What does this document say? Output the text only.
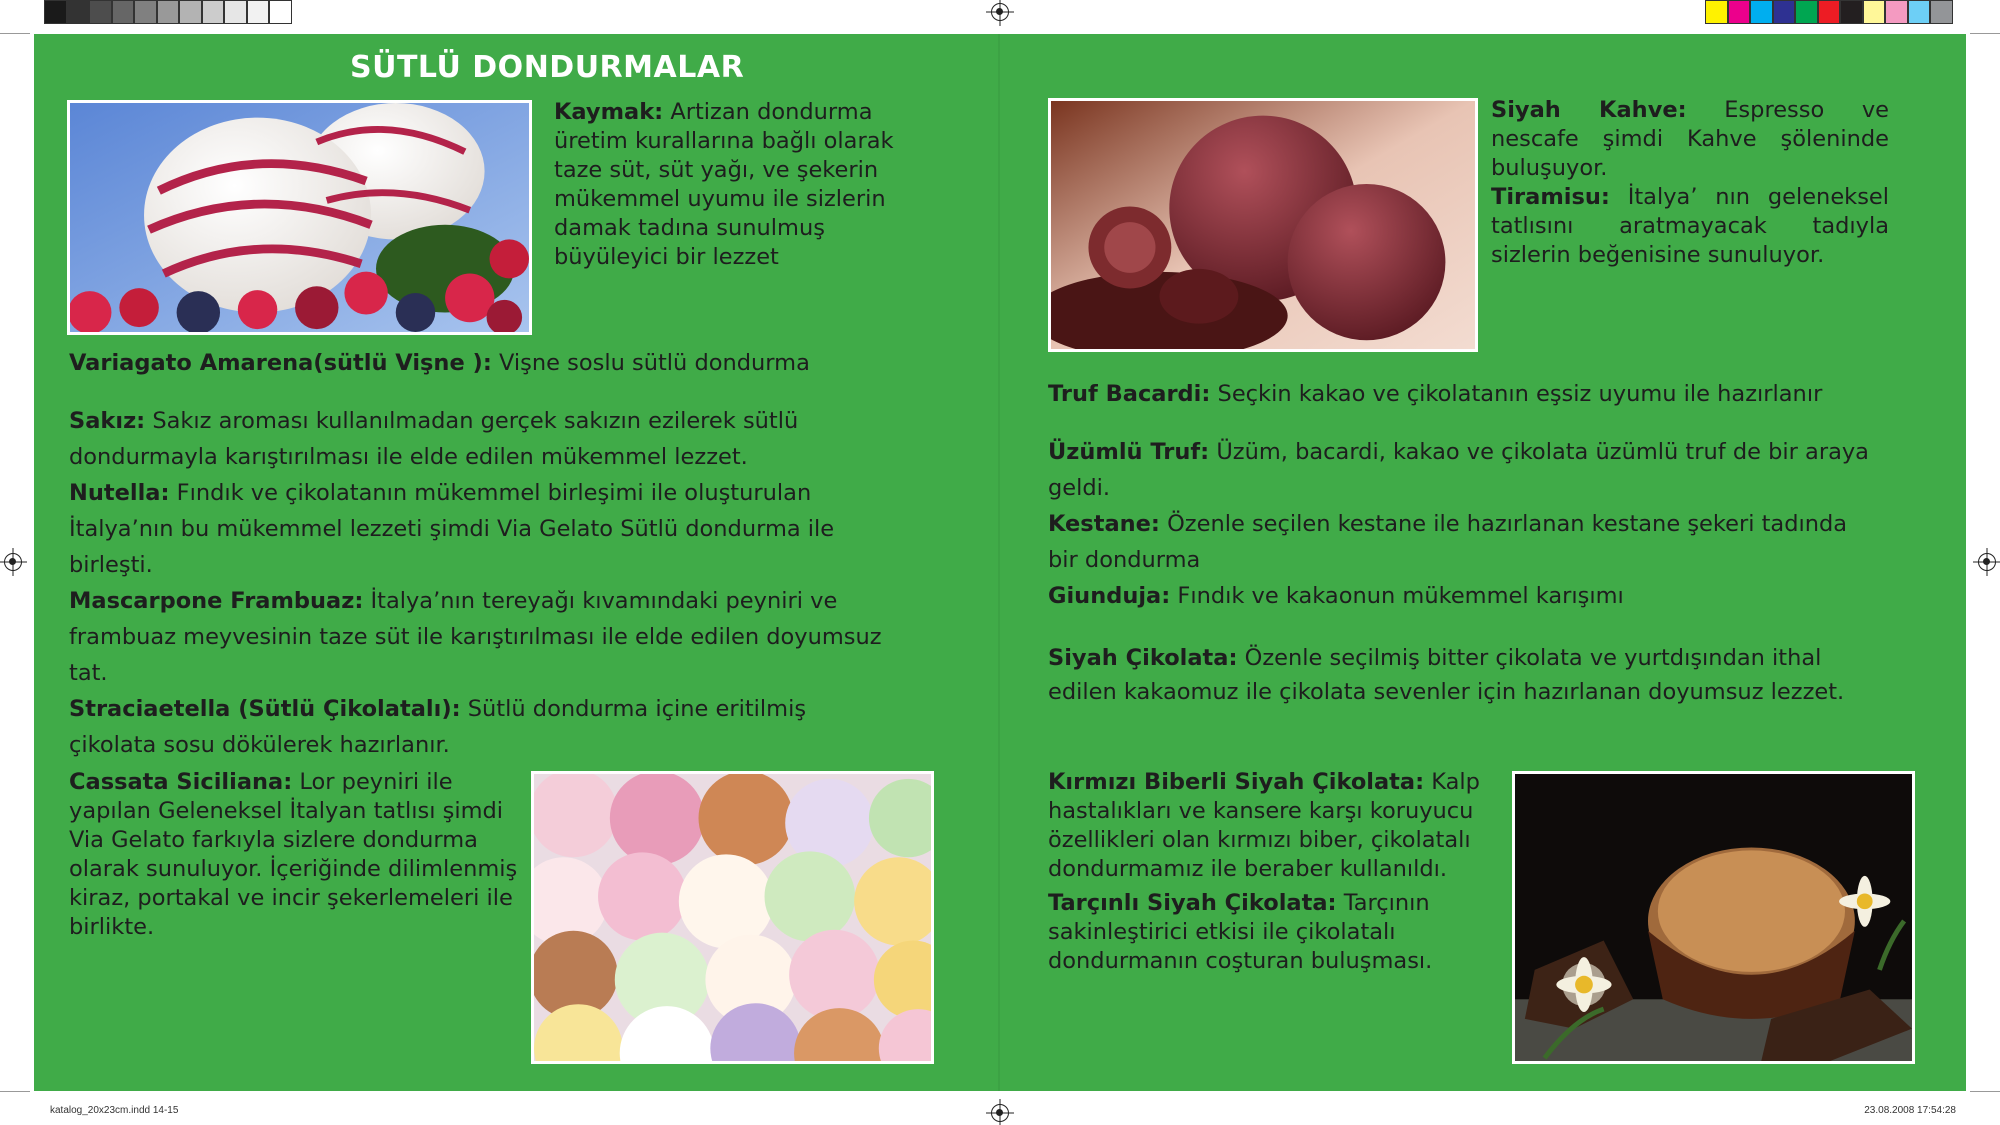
katalog_20x23cm.indd 14-15	23.08.2008 17:54:28
SÜTLÜ DONDURMALAR
Kaymak: Artizan dondurma üretim kurallarına bağlı olarak taze süt, süt yağı, ve şekerin mükemmel uyumu ile sizlerin damak tadına sunulmuş büyüleyici bir lezzet
Variagato Amarena(sütlü Vişne ): Vişne soslu sütlü dondurma
Sakız: Sakız aroması kullanılmadan gerçek sakızın ezilerek sütlü dondurmayla karıştırılması ile elde edilen mükemmel lezzet.
Nutella: Fındık ve çikolatanın mükemmel birleşimi ile oluşturulan İtalya’nın bu mükemmel lezzeti şimdi Via Gelato Sütlü dondurma ile birleşti.
Mascarpone Frambuaz: İtalya’nın tereyağı kıvamındaki peyniri ve frambuaz meyvesinin taze süt ile karıştırılması ile elde edilen doyumsuz tat.
Straciaetella (Sütlü Çikolatalı): Sütlü dondurma içine eritilmiş çikolata sosu dökülerek hazırlanır.
Cassata Siciliana: Lor peyniri ile yapılan Geleneksel İtalyan tatlısı şimdi Via Gelato farkıyla sizlere dondurma olarak sunuluyor. İçeriğinde dilimlenmiş kiraz, portakal ve incir şekerlemeleri ile birlikte.
Siyah Kahve: Espresso ve nescafe şimdi Kahve şöleninde buluşuyor.
Tiramisu: İtalya’ nın geleneksel tatlısını aratmayacak tadıyla sizlerin beğenisine sunuluyor.
Truf Bacardi: Seçkin kakao ve çikolatanın eşsiz uyumu ile hazırlanır
Üzümlü Truf: Üzüm, bacardi, kakao ve çikolata üzümlü truf de bir araya geldi.
Kestane: Özenle seçilen kestane ile hazırlanan kestane şekeri tadında bir dondurma
Giunduja: Fındık ve kakaonun mükemmel karışımı
Siyah Çikolata: Özenle seçilmiş bitter çikolata ve yurtdışından ithal edilen kakaomuz ile çikolata sevenler için hazırlanan doyumsuz lezzet.
Kırmızı Biberli Siyah Çikolata: Kalp hastalıkları ve kansere karşı koruyucu özellikleri olan kırmızı biber, çikolatalı dondurmamız ile beraber kullanıldı.
Tarçınlı Siyah Çikolata: Tarçının sakinleştirici etkisi ile çikolatalı dondurmanın coşturan buluşması.
